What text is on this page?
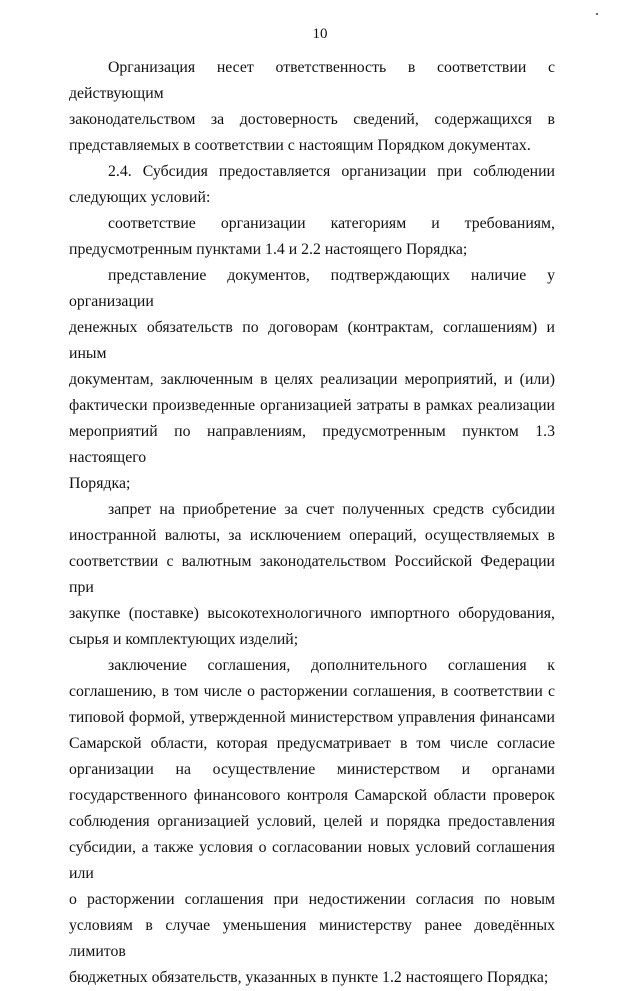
10
Организация несет ответственность в соответствии с действующим
законодательством за достоверность сведений, содержащихся в
представляемых в соответствии с настоящим Порядком документах.
2.4. Субсидия предоставляется организации при соблюдении
следующих условий:
соответствие организации категориям и требованиям,
предусмотренным пунктами 1.4 и 2.2 настоящего Порядка;
представление документов, подтверждающих наличие у организации
денежных обязательств по договорам (контрактам, соглашениям) и иным
документам, заключенным в целях реализации мероприятий, и (или)
фактически произведенные организацией затраты в рамках реализации
мероприятий по направлениям, предусмотренным пунктом 1.3 настоящего
Порядка;
запрет на приобретение за счет полученных средств субсидии
иностранной валюты, за исключением операций, осуществляемых в
соответствии с валютным законодательством Российской Федерации при
закупке (поставке) высокотехнологичного импортного оборудования,
сырья и комплектующих изделий;
заключение соглашения, дополнительного соглашения к
соглашению, в том числе о расторжении соглашения, в соответствии с
типовой формой, утвержденной министерством управления финансами
Самарской области, которая предусматривает в том числе согласие
организации на осуществление министерством и органами
государственного финансового контроля Самарской области проверок
соблюдения организацией условий, целей и порядка предоставления
субсидии, а также условия о согласовании новых условий соглашения или
о расторжении соглашения при недостижении согласия по новым
условиям в случае уменьшения министерству ранее доведённых лимитов
бюджетных обязательств, указанных в пункте 1.2 настоящего Порядка;
